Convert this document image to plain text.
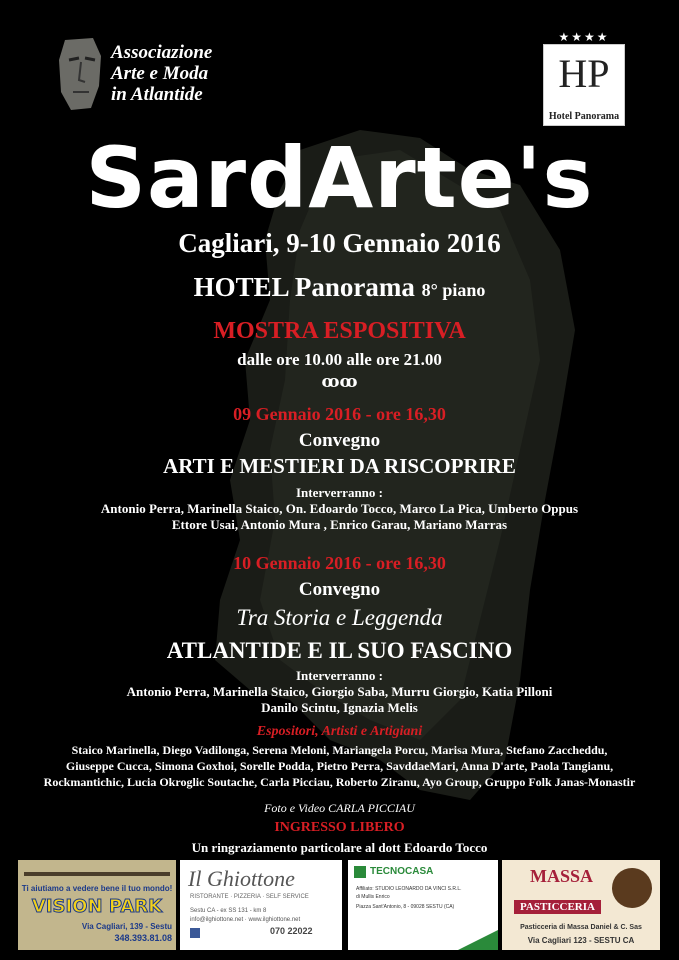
Associazione
Arte e Moda
in Atlantide
★★★★
HP
Hotel Panorama
SardArte's
Cagliari, 9-10 Gennaio 2016
HOTEL Panorama 8° piano
MOSTRA ESPOSITIVA
dalle ore 10.00 alle ore 21.00
ꝏꝏ
09 Gennaio 2016 - ore 16,30
Convegno
ARTI E MESTIERI DA RISCOPRIRE
Interverranno :
Antonio Perra, Marinella Staico, On. Edoardo Tocco, Marco La Pica, Umberto Oppus
Ettore Usai, Antonio Mura , Enrico Garau, Mariano Marras
10 Gennaio 2016 - ore 16,30
Convegno
Tra Storia e Leggenda
ATLANTIDE E IL SUO FASCINO
Interverranno :
Antonio Perra, Marinella Staico, Giorgio Saba, Murru Giorgio, Katia Pilloni
Danilo Scintu, Ignazia Melis
Espositori, Artisti e Artigiani
Staico Marinella, Diego Vadilonga, Serena Meloni, Mariangela Porcu, Marisa Mura, Stefano Zaccheddu,
Giuseppe Cucca, Simona Goxhoi, Sorelle Podda, Pietro Perra, SavddaeMari, Anna D'arte, Paola Tangianu,
Rockmantichic, Lucia Okroglic Soutache, Carla Picciau, Roberto Ziranu, Ayo Group, Gruppo Folk Janas-Monastir
Foto e Video CARLA PICCIAU
INGRESSO LIBERO
Un ringraziamento particolare al dott Edoardo Tocco
Ti aiutiamo a vedere bene il tuo mondo!
VISION PARK
Via Cagliari, 139 - Sestu
348.393.81.08
Il Ghiottone
RISTORANTE · PIZZERIA · SELF SERVICE
Sestu CA - ex SS 131 - km 8
info@ilghiottone.net · www.ilghiottone.net
070 22022
TECNOCASA
Affiliato: STUDIO LEONARDO DA VINCI S.R.L.
di Mullis Enrico
Piazza Sant'Antonio, 8 - 09028 SESTU (CA)
MASSA
PASTICCERIA
Pasticceria di Massa Daniel & C. Sas
Via Cagliari 123 - SESTU CA
